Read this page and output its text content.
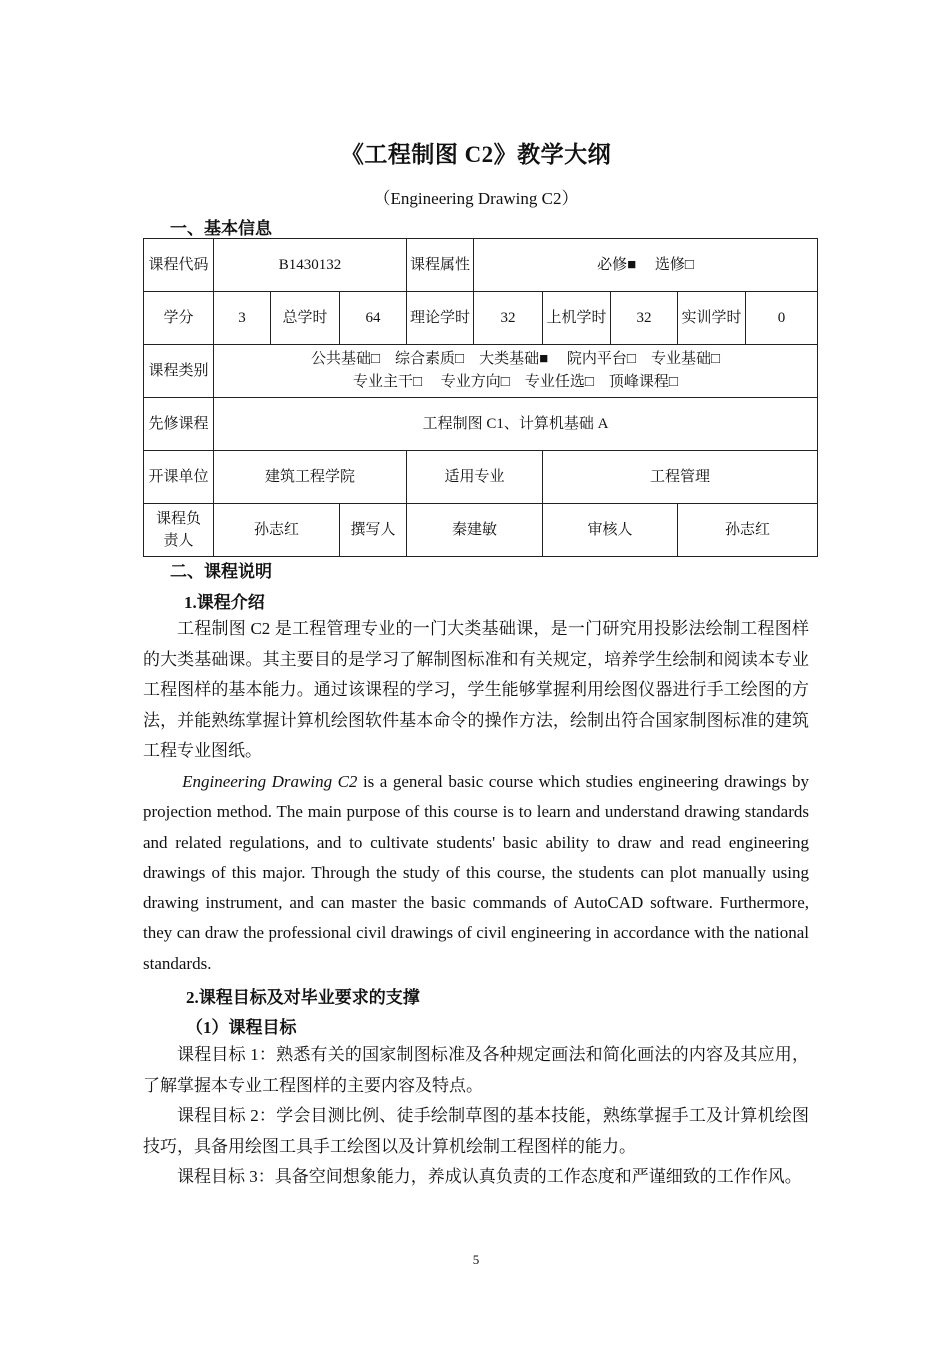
《工程制图 C2》教学大纲
（Engineering Drawing C2）
一、基本信息
课程代码	B1430132			课程属性	必修■　 选修□				
学分	3	总学时	64	理论学时	32	上机学时	32	实训学时	0
课程类别	公共基础□　综合素质□　大类基础■　 院内平台□　专业基础□
专业主干□　 专业方向□　专业任选□　顶峰课程□								

先修课程	工程制图 C1、计算机基础 A								
开课单位	建筑工程学院			适用专业		工程管理			
课程负责人	孙志红		撰写人	秦建敏		审核人		孙志红	
二、课程说明
1.课程介绍

工程制图 C2 是工程管理专业的一门大类基础课，是一门研究用投影法绘制工程图样的大类基础课。其主要目的是学习了解制图标准和有关规定，培养学生绘制和阅读本专业工程图样的基本能力。通过该课程的学习，学生能够掌握利用绘图仪器进行手工绘图的方法，并能熟练掌握计算机绘图软件基本命令的操作方法，绘制出符合国家制图标准的建筑工程专业图纸。

Engineering Drawing C2 is a general basic course which studies engineering drawings by projection method. The main purpose of this course is to learn and understand drawing standards and related regulations, and to cultivate students' basic ability to draw and read engineering drawings of this major. Through the study of this course, the students can plot manually using drawing instrument, and can master the basic commands of AutoCAD software. Furthermore, they can draw the professional civil drawings of civil engineering in accordance with the national standards.

2.课程目标及对毕业要求的支撑
（1）课程目标

课程目标 1：熟悉有关的国家制图标准及各种规定画法和简化画法的内容及其应用，了解掌握本专业工程图样的主要内容及特点。

课程目标 2：学会目测比例、徒手绘制草图的基本技能，熟练掌握手工及计算机绘图技巧，具备用绘图工具手工绘图以及计算机绘制工程图样的能力。

课程目标 3：具备空间想象能力，养成认真负责的工作态度和严谨细致的工作作风。

5
